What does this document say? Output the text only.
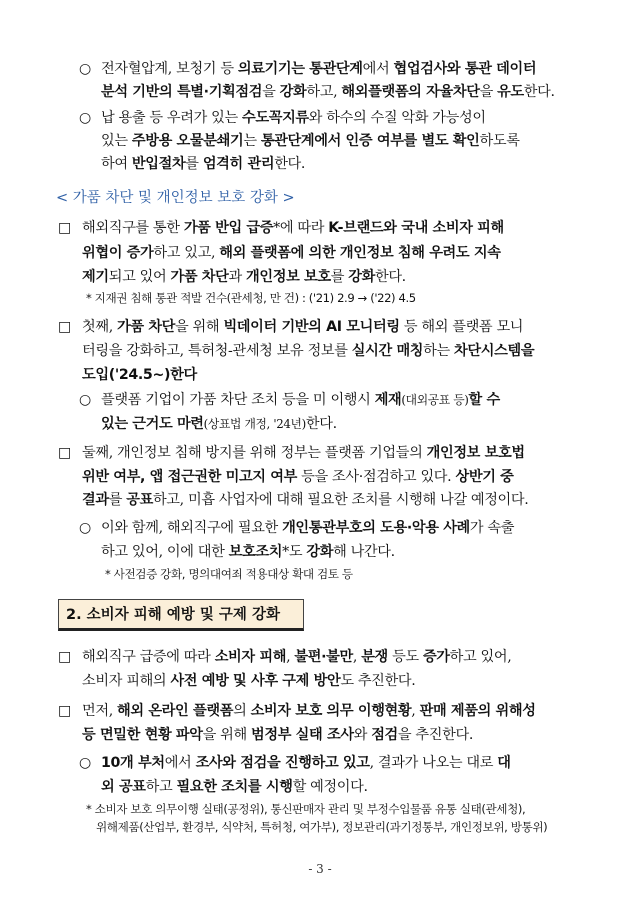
○ 전자혈압계, 보청기 등 의료기기는 통관단계에서 협업검사와 통관 데이터
분석 기반의 특별·기획점검을 강화하고, 해외플랫폼의 자율차단을 유도한다.
○ 납 용출 등 우려가 있는 수도꼭지류와 하수의 수질 악화 가능성이
있는 주방용 오물분쇄기는 통관단계에서 인증 여부를 별도 확인하도록
하여 반입절차를 엄격히 관리한다.
< 가품 차단 및 개인정보 보호 강화 >
□ 해외직구를 통한 가품 반입 급증*에 따라 K-브랜드와 국내 소비자 피해
위협이 증가하고 있고, 해외 플랫폼에 의한 개인정보 침해 우려도 지속
제기되고 있어 가품 차단과 개인정보 보호를 강화한다.
* 지재권 침해 통관 적발 건수(관세청, 만 건) : ('21) 2.9 → ('22) 4.5
□ 첫째, 가품 차단을 위해 빅데이터 기반의 AI 모니터링 등 해외 플랫폼 모니
터링을 강화하고, 특허청-관세청 보유 정보를 실시간 매칭하는 차단시스템을
도입('24.5~)한다
○ 플랫폼 기업이 가품 차단 조치 등을 미 이행시 제재(대외공표 등)할 수
있는 근거도 마련(상표법 개정, '24년)한다.
□ 둘째, 개인정보 침해 방지를 위해 정부는 플랫폼 기업들의 개인정보 보호법
위반 여부, 앱 접근권한 미고지 여부 등을 조사·점검하고 있다. 상반기 중
결과를 공표하고, 미흡 사업자에 대해 필요한 조치를 시행해 나갈 예정이다.
○ 이와 함께, 해외직구에 필요한 개인통관부호의 도용·악용 사례가 속출
하고 있어, 이에 대한 보호조치*도 강화해 나간다.
* 사전검증 강화, 명의대여죄 적용대상 확대 검토 등
2. 소비자 피해 예방 및 구제 강화
□ 해외직구 급증에 따라 소비자 피해, 불편·불만, 분쟁 등도 증가하고 있어,
소비자 피해의 사전 예방 및 사후 구제 방안도 추진한다.
□ 먼저, 해외 온라인 플랫폼의 소비자 보호 의무 이행현황, 판매 제품의 위해성
등 면밀한 현황 파악을 위해 범정부 실태 조사와 점검을 추진한다.
○ 10개 부처에서 조사와 점검을 진행하고 있고, 결과가 나오는 대로 대
외 공표하고 필요한 조치를 시행할 예정이다.
* 소비자 보호 의무이행 실태(공정위), 통신판매자 관리 및 부정수입물품 유통 실태(관세청),
위해제품(산업부, 환경부, 식약처, 특허청, 여가부), 정보관리(과기정통부, 개인정보위, 방통위)
- 3 -
